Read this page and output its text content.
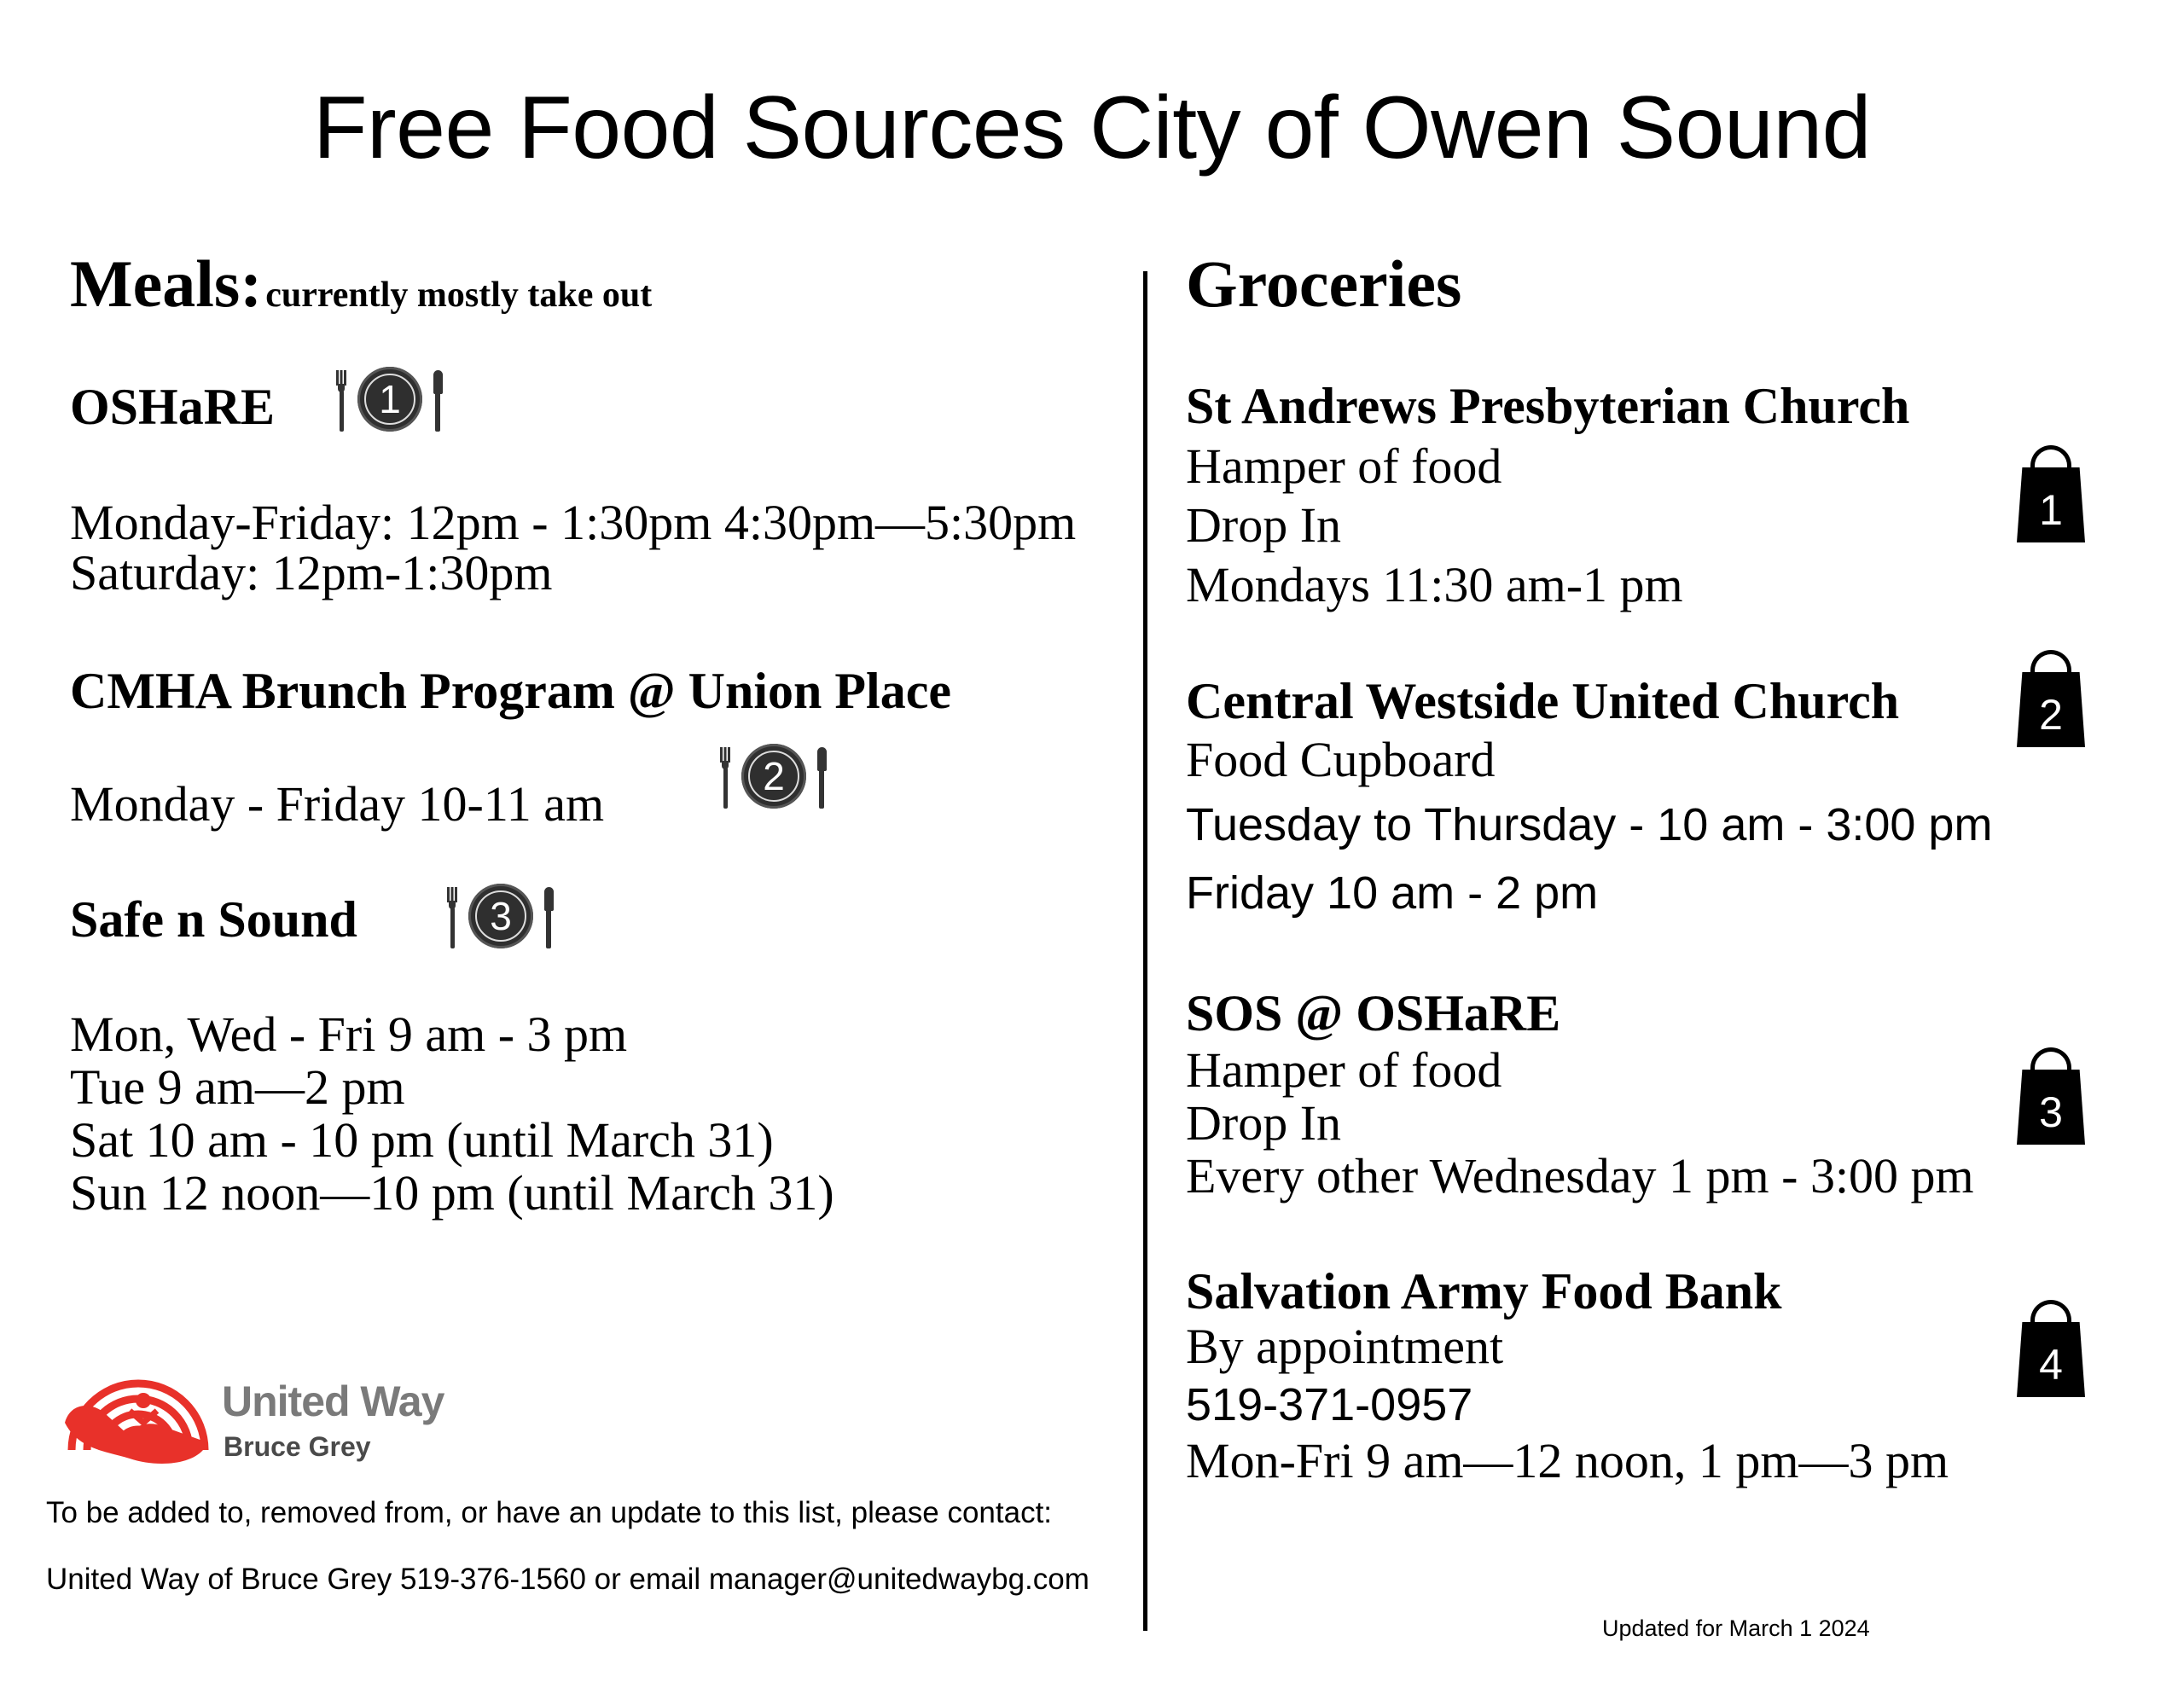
Free Food Sources City of Owen Sound
Meals: currently mostly take out
OSHaRE	1
Monday-Friday: 12pm - 1:30pm 4:30pm—5:30pm
Saturday: 12pm-1:30pm
CMHA Brunch Program @ Union Place
Monday - Friday 10-11 am	2
Safe n Sound	3
Mon, Wed - Fri 9 am - 3 pm
Tue 9 am—2 pm
Sat 10 am - 10 pm (until March 31)
Sun 12 noon—10 pm (until March 31)
United Way
Bruce Grey
To be added to, removed from, or have an update to this list, please contact:
United Way of Bruce Grey 519-376-1560 or email manager@unitedwaybg.com
Groceries
St Andrews Presbyterian Church
Hamper of food
Drop In
Mondays 11:30 am-1 pm
1
Central Westside United Church
Food Cupboard
Tuesday to Thursday - 10 am - 3:00 pm
Friday 10 am - 2 pm
2
SOS @ OSHaRE
Hamper of food
Drop In
Every other Wednesday 1 pm - 3:00 pm
3
Salvation Army Food Bank
By appointment
519-371-0957
Mon-Fri 9 am—12 noon, 1 pm—3 pm
4
Updated for March 1 2024
